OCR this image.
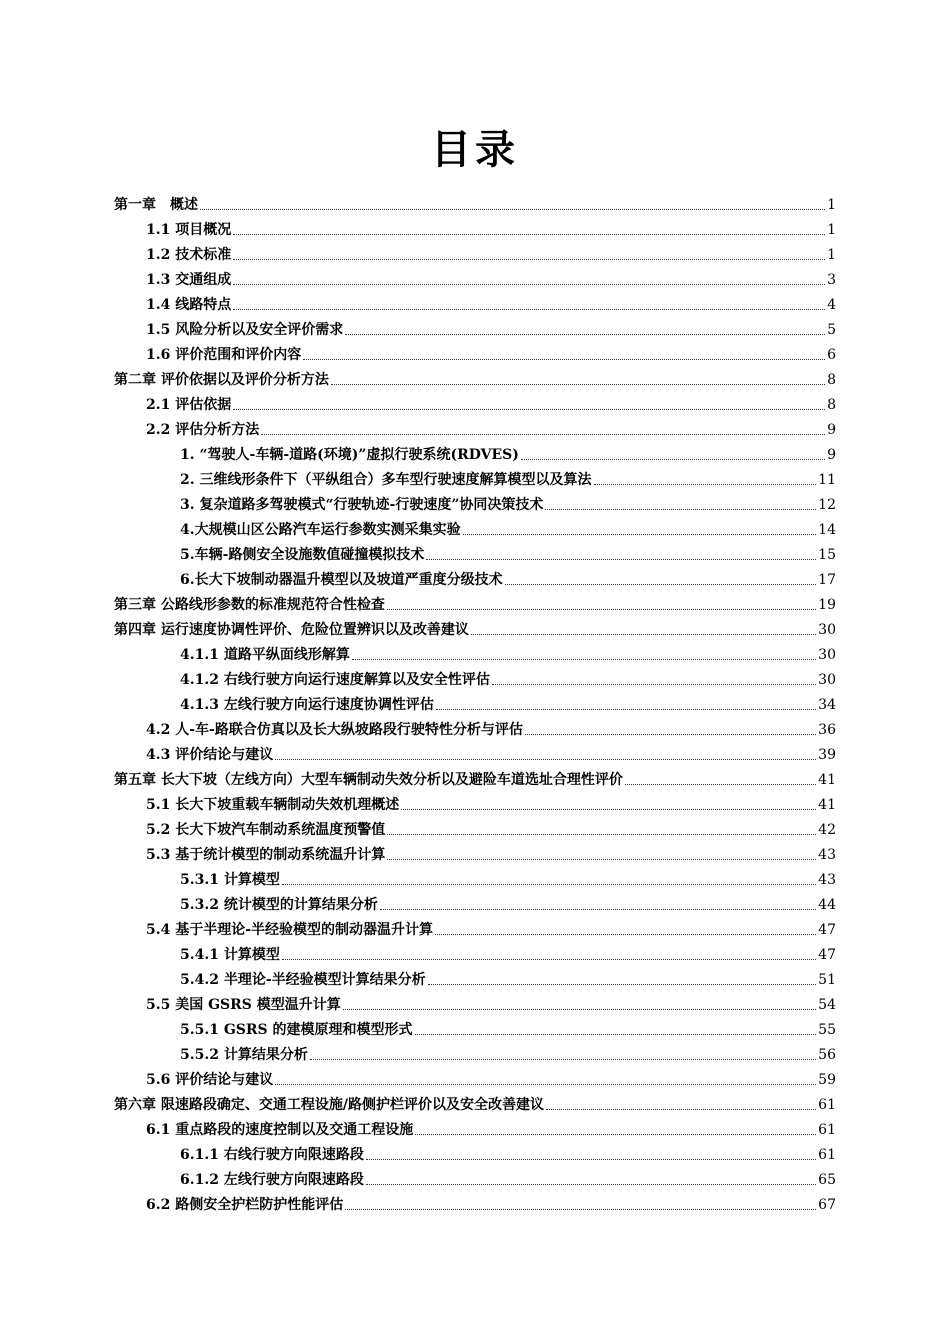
目录
第一章　概述	1
1.1 项目概况	1
1.2 技术标准	1
1.3 交通组成	3
1.4 线路特点	4
1.5 风险分析以及安全评价需求	5
1.6 评价范围和评价内容	6
第二章 评价依据以及评价分析方法	8
2.1 评估依据	8
2.2 评估分析方法	9
1. “驾驶人-车辆-道路(环境)”虚拟行驶系统(RDVES)	9
2. 三维线形条件下（平纵组合）多车型行驶速度解算模型以及算法	11
3. 复杂道路多驾驶模式“行驶轨迹-行驶速度”协同决策技术	12
4.大规模山区公路汽车运行参数实测采集实验	14
5.车辆-路侧安全设施数值碰撞模拟技术	15
6.长大下坡制动器温升模型以及坡道严重度分级技术	17
第三章 公路线形参数的标准规范符合性检查	19
第四章 运行速度协调性评价、危险位置辨识以及改善建议	30
4.1.1 道路平纵面线形解算	30
4.1.2 右线行驶方向运行速度解算以及安全性评估	30
4.1.3 左线行驶方向运行速度协调性评估	34
4.2 人-车-路联合仿真以及长大纵坡路段行驶特性分析与评估	36
4.3 评价结论与建议	39
第五章 长大下坡（左线方向）大型车辆制动失效分析以及避险车道选址合理性评价	41
5.1 长大下坡重载车辆制动失效机理概述	41
5.2 长大下坡汽车制动系统温度预警值	42
5.3 基于统计模型的制动系统温升计算	43
5.3.1 计算模型	43
5.3.2 统计模型的计算结果分析	44
5.4 基于半理论-半经验模型的制动器温升计算	47
5.4.1 计算模型	47
5.4.2 半理论-半经验模型计算结果分析	51
5.5 美国 GSRS 模型温升计算	54
5.5.1 GSRS 的建模原理和模型形式	55
5.5.2 计算结果分析	56
5.6 评价结论与建议	59
第六章 限速路段确定、交通工程设施/路侧护栏评价以及安全改善建议	61
6.1 重点路段的速度控制以及交通工程设施	61
6.1.1 右线行驶方向限速路段	61
6.1.2 左线行驶方向限速路段	65
6.2 路侧安全护栏防护性能评估	67
